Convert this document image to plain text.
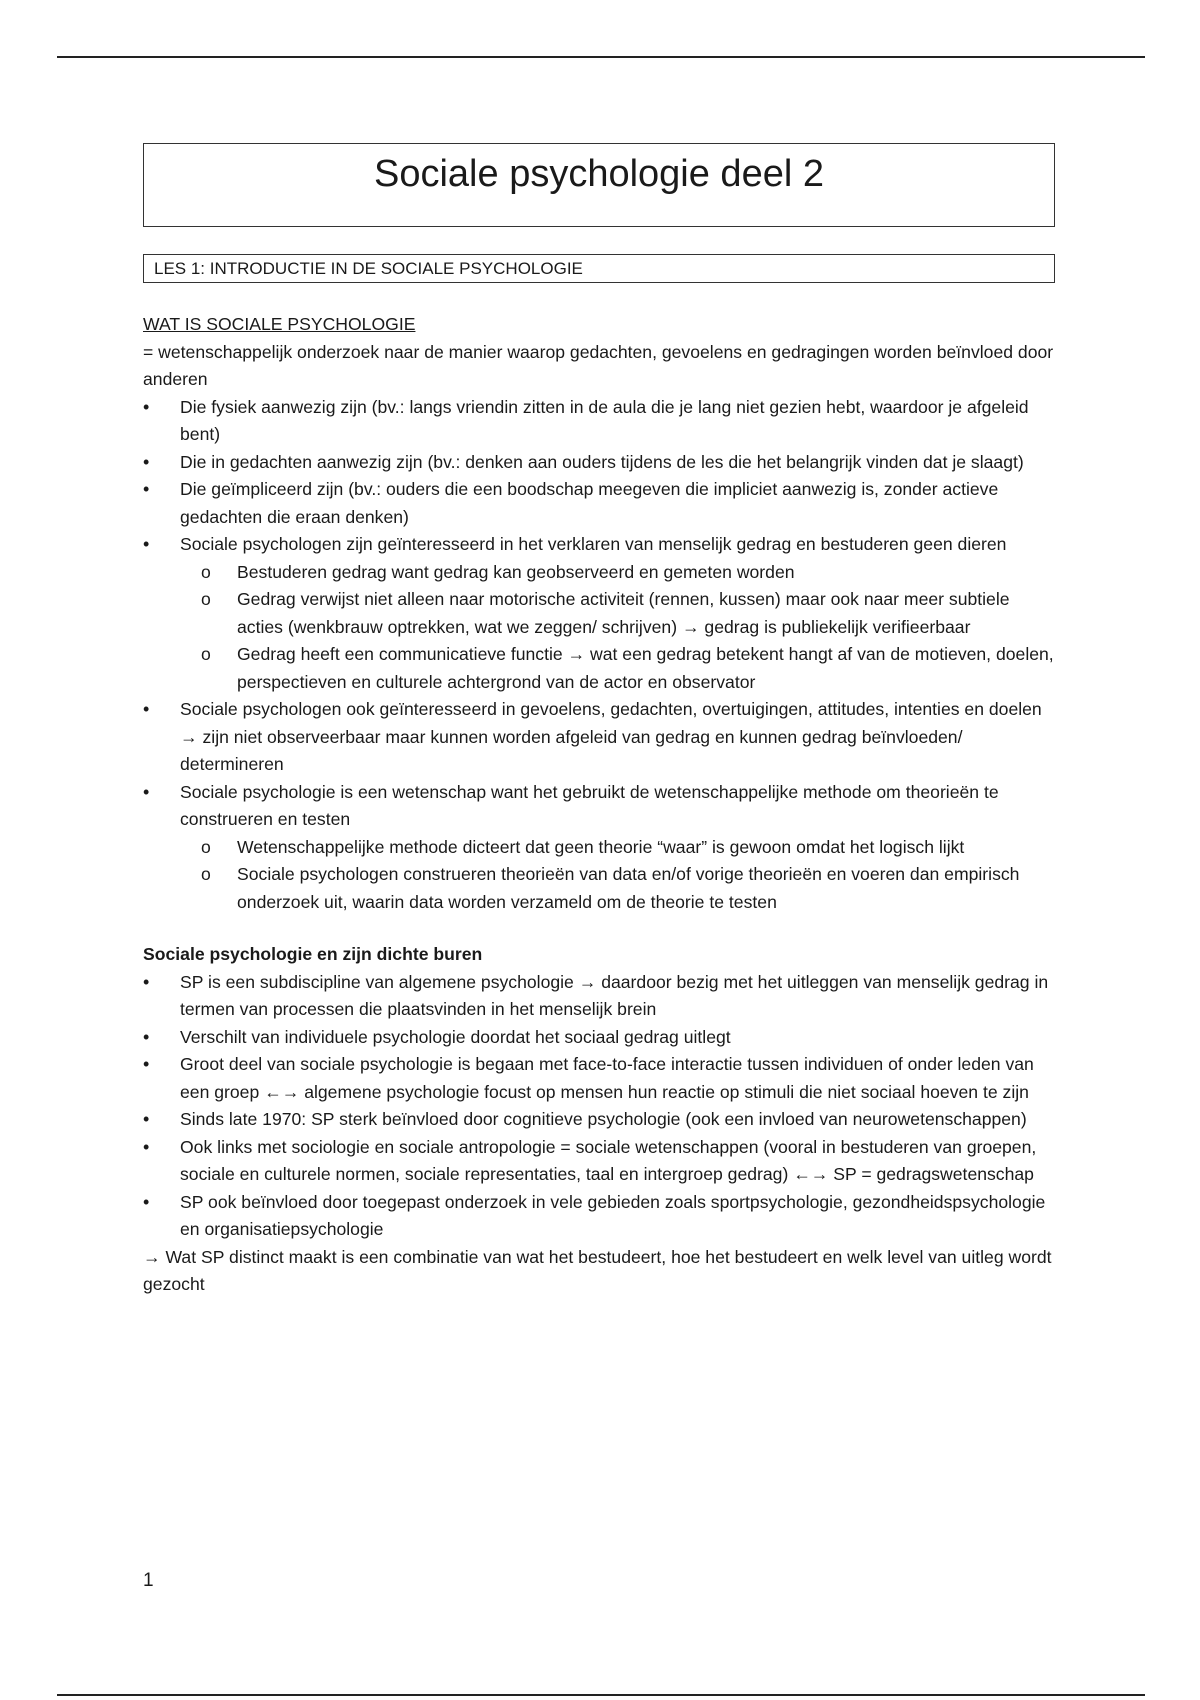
Sociale psychologie deel 2
LES 1: INTRODUCTIE IN DE SOCIALE PSYCHOLOGIE
WAT IS SOCIALE PSYCHOLOGIE
= wetenschappelijk onderzoek naar de manier waarop gedachten, gevoelens en gedragingen worden beïnvloed door anderen
• Die fysiek aanwezig zijn (bv.: langs vriendin zitten in de aula die je lang niet gezien hebt, waardoor je afgeleid bent)
• Die in gedachten aanwezig zijn (bv.: denken aan ouders tijdens de les die het belangrijk vinden dat je slaagt)
• Die geïmpliceerd zijn (bv.: ouders die een boodschap meegeven die impliciet aanwezig is, zonder actieve gedachten die eraan denken)
• Sociale psychologen zijn geïnteresseerd in het verklaren van menselijk gedrag en bestuderen geen dieren
o Bestuderen gedrag want gedrag kan geobserveerd en gemeten worden
o Gedrag verwijst niet alleen naar motorische activiteit (rennen, kussen) maar ook naar meer subtiele acties (wenkbrauw optrekken, wat we zeggen/ schrijven) → gedrag is publiekelijk verifieerbaar
o Gedrag heeft een communicatieve functie → wat een gedrag betekent hangt af van de motieven, doelen, perspectieven en culturele achtergrond van de actor en observator
• Sociale psychologen ook geïnteresseerd in gevoelens, gedachten, overtuigingen, attitudes, intenties en doelen → zijn niet observeerbaar maar kunnen worden afgeleid van gedrag en kunnen gedrag beïnvloeden/ determineren
• Sociale psychologie is een wetenschap want het gebruikt de wetenschappelijke methode om theorieën te construeren en testen
o Wetenschappelijke methode dicteert dat geen theorie “waar” is gewoon omdat het logisch lijkt
o Sociale psychologen construeren theorieën van data en/of vorige theorieën en voeren dan empirisch onderzoek uit, waarin data worden verzameld om de theorie te testen
Sociale psychologie en zijn dichte buren
• SP is een subdiscipline van algemene psychologie → daardoor bezig met het uitleggen van menselijk gedrag in termen van processen die plaatsvinden in het menselijk brein
• Verschilt van individuele psychologie doordat het sociaal gedrag uitlegt
• Groot deel van sociale psychologie is begaan met face-to-face interactie tussen individuen of onder leden van een groep ←→ algemene psychologie focust op mensen hun reactie op stimuli die niet sociaal hoeven te zijn
• Sinds late 1970: SP sterk beïnvloed door cognitieve psychologie (ook een invloed van neurowetenschappen)
• Ook links met sociologie en sociale antropologie = sociale wetenschappen (vooral in bestuderen van groepen, sociale en culturele normen, sociale representaties, taal en intergroep gedrag) ←→ SP = gedragswetenschap
• SP ook beïnvloed door toegepast onderzoek in vele gebieden zoals sportpsychologie, gezondheidspsychologie en organisatiepsychologie
→ Wat SP distinct maakt is een combinatie van wat het bestudeert, hoe het bestudeert en welk level van uitleg wordt gezocht
1
